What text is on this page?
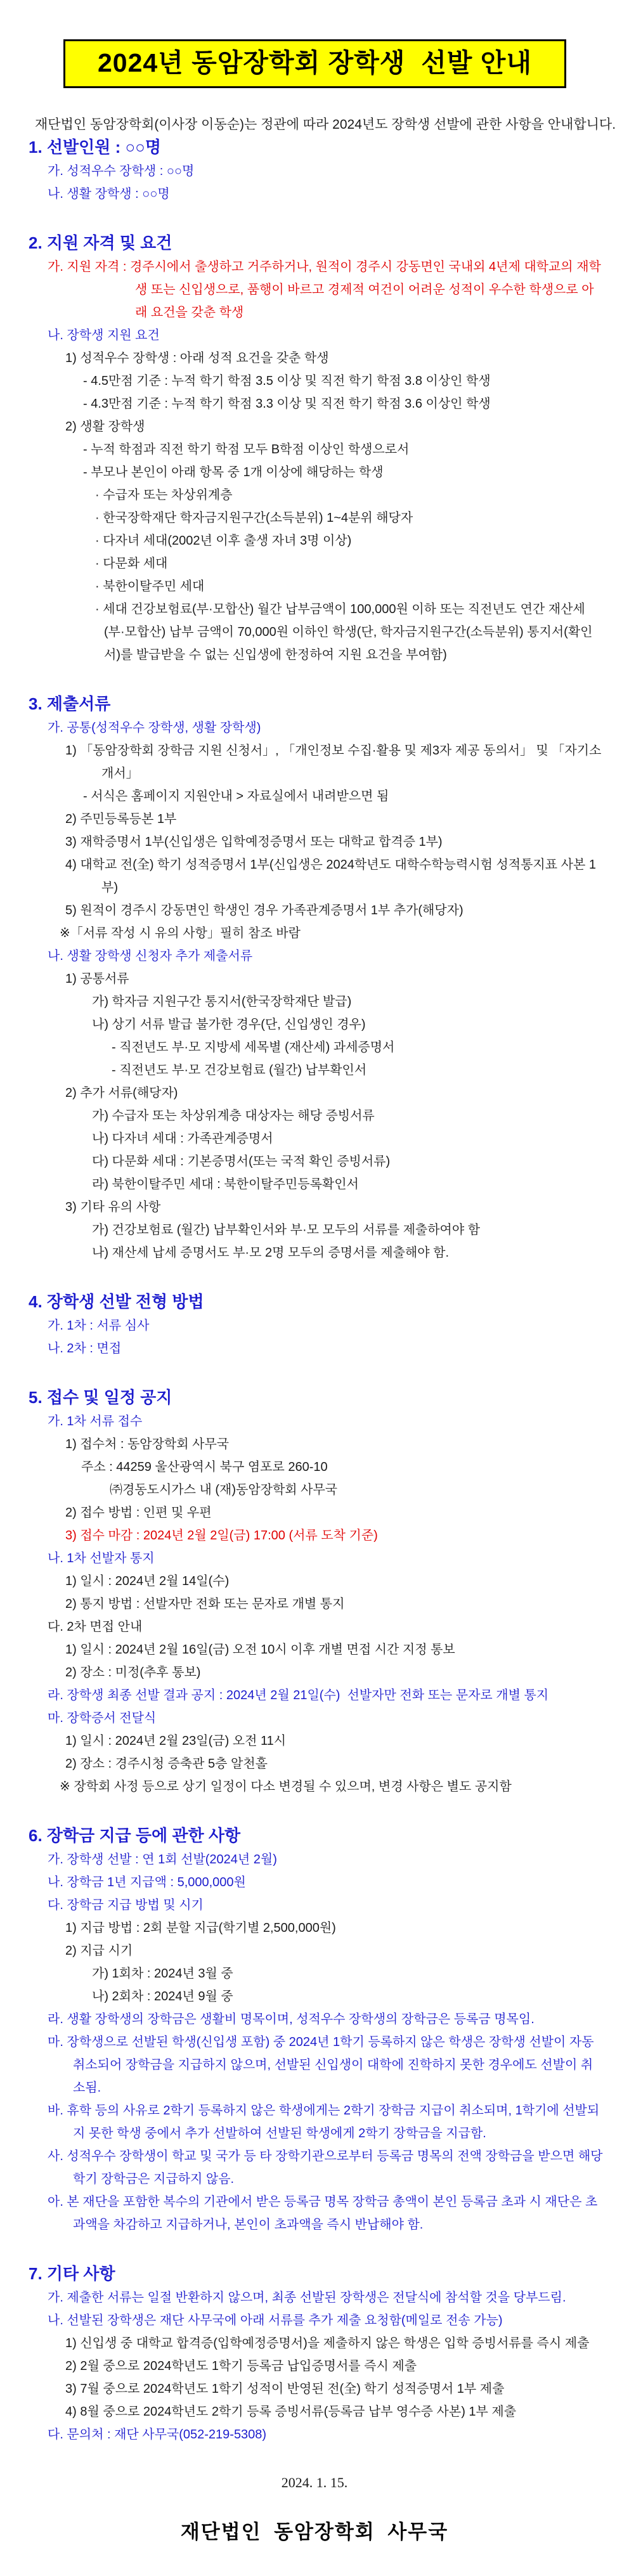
2024년 동암장학회 장학생  선발 안내

재단법인 동암장학회(이사장 이동순)는 정관에 따라 2024년도 장학생 선발에 관한 사항을 안내합니다.

1. 선발인원 : ○○명

가. 성적우수 장학생 : ○○명

나. 생활 장학생 : ○○명

2. 지원 자격 및 요건

가. 지원 자격 : 경주시에서 출생하고 거주하거나, 원적이 경주시 강동면인 국내외 4년제 대학교의 재학생 또는 신입생으로, 품행이 바르고 경제적 여건이 어려운 성적이 우수한 학생으로 아래 요건을 갖춘 학생

나. 장학생 지원 요건

1) 성적우수 장학생 : 아래 성적 요건을 갖춘 학생

- 4.5만점 기준 : 누적 학기 학점 3.5 이상 및 직전 학기 학점 3.8 이상인 학생

- 4.3만점 기준 : 누적 학기 학점 3.3 이상 및 직전 학기 학점 3.6 이상인 학생

2) 생활 장학생

- 누적 학점과 직전 학기 학점 모두 B학점 이상인 학생으로서

- 부모나 본인이 아래 항목 중 1개 이상에 해당하는 학생

· 수급자 또는 차상위계층

· 한국장학재단 학자금지원구간(소득분위) 1~4분위 해당자

· 다자녀 세대(2002년 이후 출생 자녀 3명 이상)

· 다문화 세대

· 북한이탈주민 세대

· 세대 건강보험료(부·모합산) 월간 납부금액이 100,000원 이하 또는 직전년도 연간 재산세 (부·모합산) 납부 금액이 70,000원 이하인 학생(단, 학자금지원구간(소득분위) 통지서(확인서)를 발급받을 수 없는 신입생에 한정하여 지원 요건을 부여함)

3. 제출서류

가. 공통(성적우수 장학생, 생활 장학생)

1) 「동암장학회 장학금 지원 신청서」, 「개인정보 수집·활용 및 제3자 제공 동의서」 및 「자기소개서」

- 서식은 홈페이지 지원안내 > 자료실에서 내려받으면 됨

2) 주민등록등본 1부

3) 재학증명서 1부(신입생은 입학예정증명서 또는 대학교 합격증 1부)

4) 대학교 전(全) 학기 성적증명서 1부(신입생은 2024학년도 대학수학능력시험 성적통지표 사본 1부)

5) 원적이 경주시 강동면인 학생인 경우 가족관계증명서 1부 추가(해당자)

※「서류 작성 시 유의 사항」필히 참조 바람

나. 생활 장학생 신청자 추가 제출서류

1) 공통서류

가) 학자금 지원구간 통지서(한국장학재단 발급)

나) 상기 서류 발급 불가한 경우(단, 신입생인 경우)

- 직전년도 부·모 지방세 세목별 (재산세) 과세증명서

- 직전년도 부·모 건강보험료 (월간) 납부확인서

2) 추가 서류(해당자)

가) 수급자 또는 차상위계층 대상자는 해당 증빙서류

나) 다자녀 세대 : 가족관계증명서

다) 다문화 세대 : 기본증명서(또는 국적 확인 증빙서류)

라) 북한이탈주민 세대 : 북한이탈주민등록확인서

3) 기타 유의 사항

가) 건강보험료 (월간) 납부확인서와 부·모 모두의 서류를 제출하여야 함

나) 재산세 납세 증명서도 부·모 2명 모두의 증명서를 제출해야 함.

4. 장학생 선발 전형 방법

가. 1차 : 서류 심사

나. 2차 : 면접

5. 접수 및 일정 공지

가. 1차 서류 접수

1) 접수처 : 동암장학회 사무국

주소 : 44259 울산광역시 북구 염포로 260-10

㈜경동도시가스 내 (재)동암장학회 사무국

2) 접수 방법 : 인편 및 우편

3) 접수 마감 : 2024년 2월 2일(금) 17:00 (서류 도착 기준)

나. 1차 선발자 통지

1) 일시 : 2024년 2월 14일(수)

2) 통지 방법 : 선발자만 전화 또는 문자로 개별 통지

다. 2차 면접 안내

1) 일시 : 2024년 2월 16일(금) 오전 10시 이후 개별 면접 시간 지정 통보

2) 장소 : 미정(추후 통보)

라. 장학생 최종 선발 결과 공지 : 2024년 2월 21일(수)  선발자만 전화 또는 문자로 개별 통지

마. 장학증서 전달식

1) 일시 : 2024년 2월 23일(금) 오전 11시

2) 장소 : 경주시청 증축관 5층 알천홀

※ 장학회 사정 등으로 상기 일정이 다소 변경될 수 있으며, 변경 사항은 별도 공지함

6. 장학금 지급 등에 관한 사항

가. 장학생 선발 : 연 1회 선발(2024년 2월)

나. 장학금 1년 지급액 : 5,000,000원

다. 장학금 지급 방법 및 시기

1) 지급 방법 : 2회 분할 지급(학기별 2,500,000원)

2) 지급 시기

가) 1회차 : 2024년 3월 중

나) 2회차 : 2024년 9월 중

라. 생활 장학생의 장학금은 생활비 명목이며, 성적우수 장학생의 장학금은 등록금 명목임.

마. 장학생으로 선발된 학생(신입생 포함) 중 2024년 1학기 등록하지 않은 학생은 장학생 선발이 자동 취소되어 장학금을 지급하지 않으며, 선발된 신입생이 대학에 진학하지 못한 경우에도 선발이 취소됨.

바. 휴학 등의 사유로 2학기 등록하지 않은 학생에게는 2학기 장학금 지급이 취소되며, 1학기에 선발되지 못한 학생 중에서 추가 선발하여 선발된 학생에게 2학기 장학금을 지급함.

사. 성적우수 장학생이 학교 및 국가 등 타 장학기관으로부터 등록금 명목의 전액 장학금을 받으면 해당 학기 장학금은 지급하지 않음.

아. 본 재단을 포함한 복수의 기관에서 받은 등록금 명목 장학금 총액이 본인 등록금 초과 시 재단은 초과액을 차감하고 지급하거나, 본인이 초과액을 즉시 반납해야 함.

7. 기타 사항

가. 제출한 서류는 일절 반환하지 않으며, 최종 선발된 장학생은 전달식에 참석할 것을 당부드림.

나. 선발된 장학생은 재단 사무국에 아래 서류를 추가 제출 요청함(메일로 전송 가능)

1) 신입생 중 대학교 합격증(입학예정증명서)을 제출하지 않은 학생은 입학 증빙서류를 즉시 제출

2) 2월 중으로 2024학년도 1학기 등록금 납입증명서를 즉시 제출

3) 7월 중으로 2024학년도 1학기 성적이 반영된 전(全) 학기 성적증명서 1부 제출

4) 8월 중으로 2024학년도 2학기 등록 증빙서류(등록금 납부 영수증 사본) 1부 제출

다. 문의처 : 재단 사무국(052-219-5308)

2024. 1. 15.

재단법인  동암장학회  사무국
